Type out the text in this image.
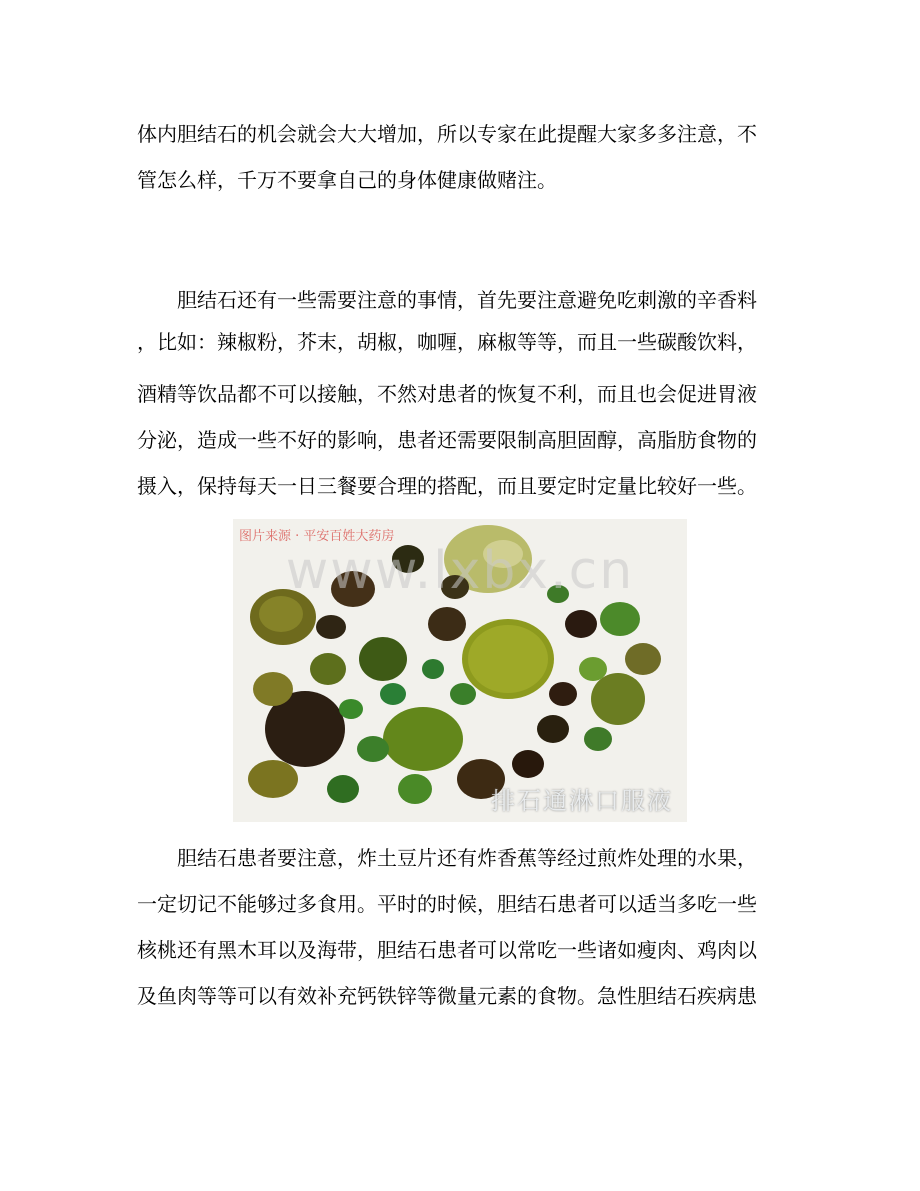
体内胆结石的机会就会大大增加，所以专家在此提醒大家多多注意，不

管怎么样，千万不要拿自己的身体健康做赌注。

　　胆结石还有一些需要注意的事情，首先要注意避免吃刺激的辛香料

，比如：辣椒粉，芥末，胡椒，咖喱，麻椒等等，而且一些碳酸饮料，

酒精等饮品都不可以接触，不然对患者的恢复不利，而且也会促进胃液

分泌，造成一些不好的影响，患者还需要限制高胆固醇，高脂肪食物的

摄入，保持每天一日三餐要合理的搭配，而且要定时定量比较好一些。

图片来源 · 平安百姓大药房
www.lxbx.cn
排石通淋口服液

　　胆结石患者要注意，炸土豆片还有炸香蕉等经过煎炸处理的水果，

一定切记不能够过多食用。平时的时候，胆结石患者可以适当多吃一些

核桃还有黑木耳以及海带，胆结石患者可以常吃一些诸如瘦肉、鸡肉以

及鱼肉等等可以有效补充钙铁锌等微量元素的食物。急性胆结石疾病患
